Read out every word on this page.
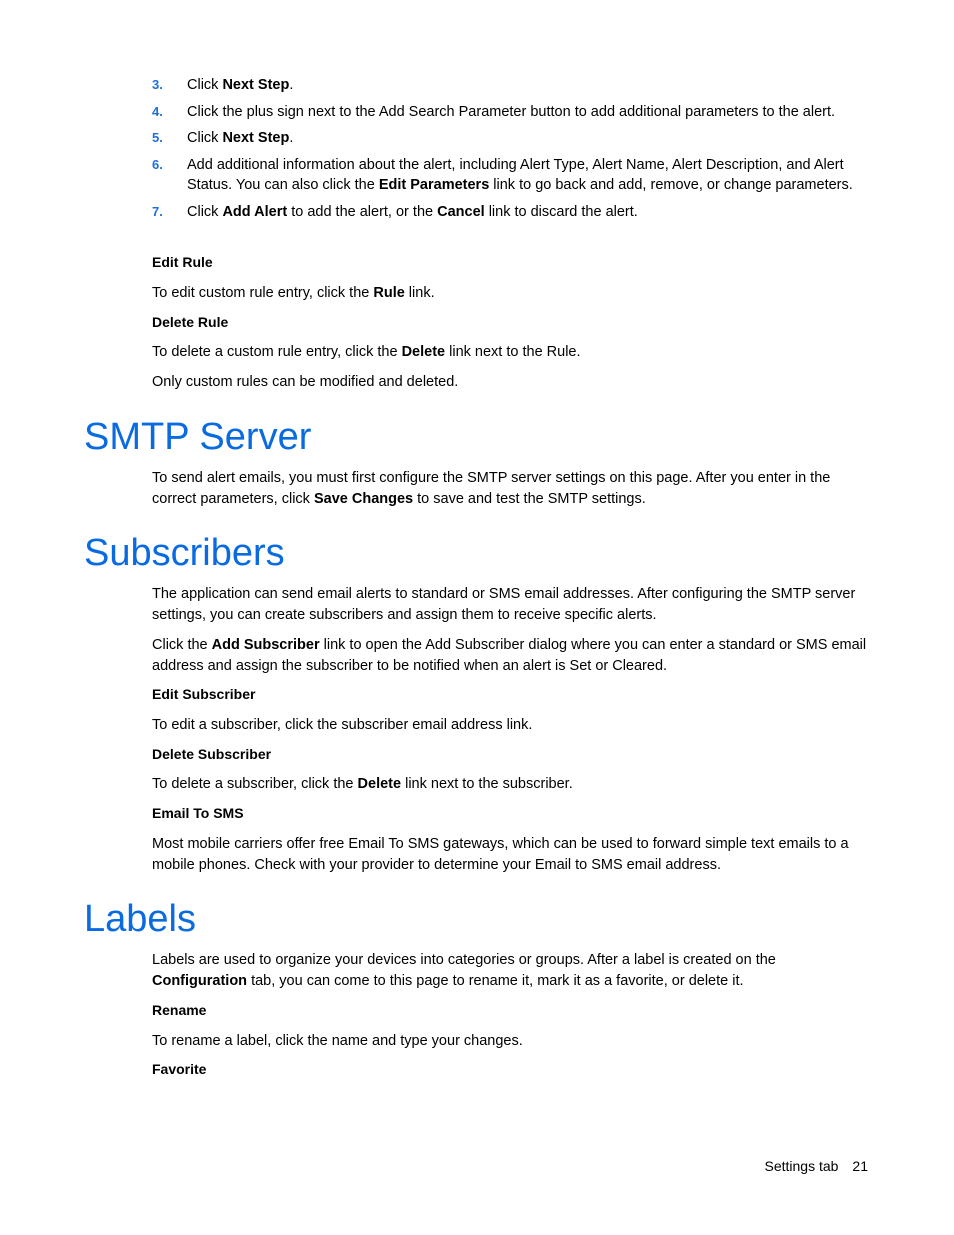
3. Click Next Step.
4. Click the plus sign next to the Add Search Parameter button to add additional parameters to the alert.
5. Click Next Step.
6. Add additional information about the alert, including Alert Type, Alert Name, Alert Description, and Alert Status. You can also click the Edit Parameters link to go back and add, remove, or change parameters.
7. Click Add Alert to add the alert, or the Cancel link to discard the alert.
Edit Rule
To edit custom rule entry, click the Rule link.
Delete Rule
To delete a custom rule entry, click the Delete link next to the Rule.
Only custom rules can be modified and deleted.
SMTP Server
To send alert emails, you must first configure the SMTP server settings on this page. After you enter in the correct parameters, click Save Changes to save and test the SMTP settings.
Subscribers
The application can send email alerts to standard or SMS email addresses. After configuring the SMTP server settings, you can create subscribers and assign them to receive specific alerts.
Click the Add Subscriber link to open the Add Subscriber dialog where you can enter a standard or SMS email address and assign the subscriber to be notified when an alert is Set or Cleared.
Edit Subscriber
To edit a subscriber, click the subscriber email address link.
Delete Subscriber
To delete a subscriber, click the Delete link next to the subscriber.
Email To SMS
Most mobile carriers offer free Email To SMS gateways, which can be used to forward simple text emails to a mobile phones. Check with your provider to determine your Email to SMS email address.
Labels
Labels are used to organize your devices into categories or groups. After a label is created on the Configuration tab, you can come to this page to rename it, mark it as a favorite, or delete it.
Rename
To rename a label, click the name and type your changes.
Favorite
Settings tab 21
